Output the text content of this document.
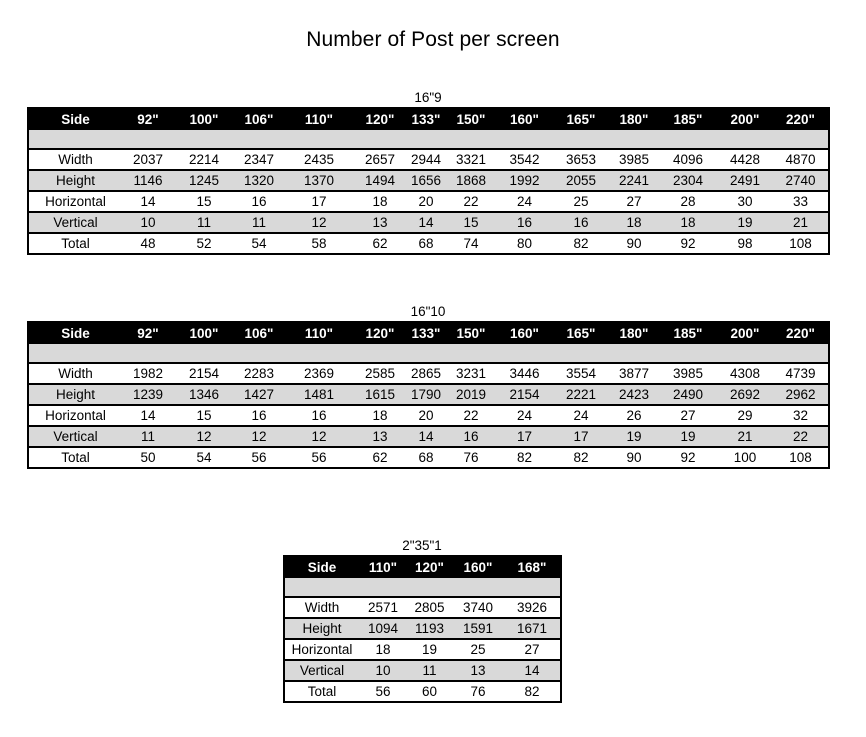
Number of Post per screen
16"9
Side	92"	100"	106"	110"	120"	133"	150"	160"	165"	180"	185"	200"	220"

Width	2037	2214	2347	2435	2657	2944	3321	3542	3653	3985	4096	4428	4870
Height	1146	1245	1320	1370	1494	1656	1868	1992	2055	2241	2304	2491	2740
Horizontal	14	15	16	17	18	20	22	24	25	27	28	30	33
Vertical	10	11	11	12	13	14	15	16	16	18	18	19	21
Total	48	52	54	58	62	68	74	80	82	90	92	98	108
16"10
Side	92"	100"	106"	110"	120"	133"	150"	160"	165"	180"	185"	200"	220"

Width	1982	2154	2283	2369	2585	2865	3231	3446	3554	3877	3985	4308	4739
Height	1239	1346	1427	1481	1615	1790	2019	2154	2221	2423	2490	2692	2962
Horizontal	14	15	16	16	18	20	22	24	24	26	27	29	32
Vertical	11	12	12	12	13	14	16	17	17	19	19	21	22
Total	50	54	56	56	62	68	76	82	82	90	92	100	108
2"35"1
Side	110"	120"	160"	168"

Width	2571	2805	3740	3926
Height	1094	1193	1591	1671
Horizontal	18	19	25	27
Vertical	10	11	13	14
Total	56	60	76	82
